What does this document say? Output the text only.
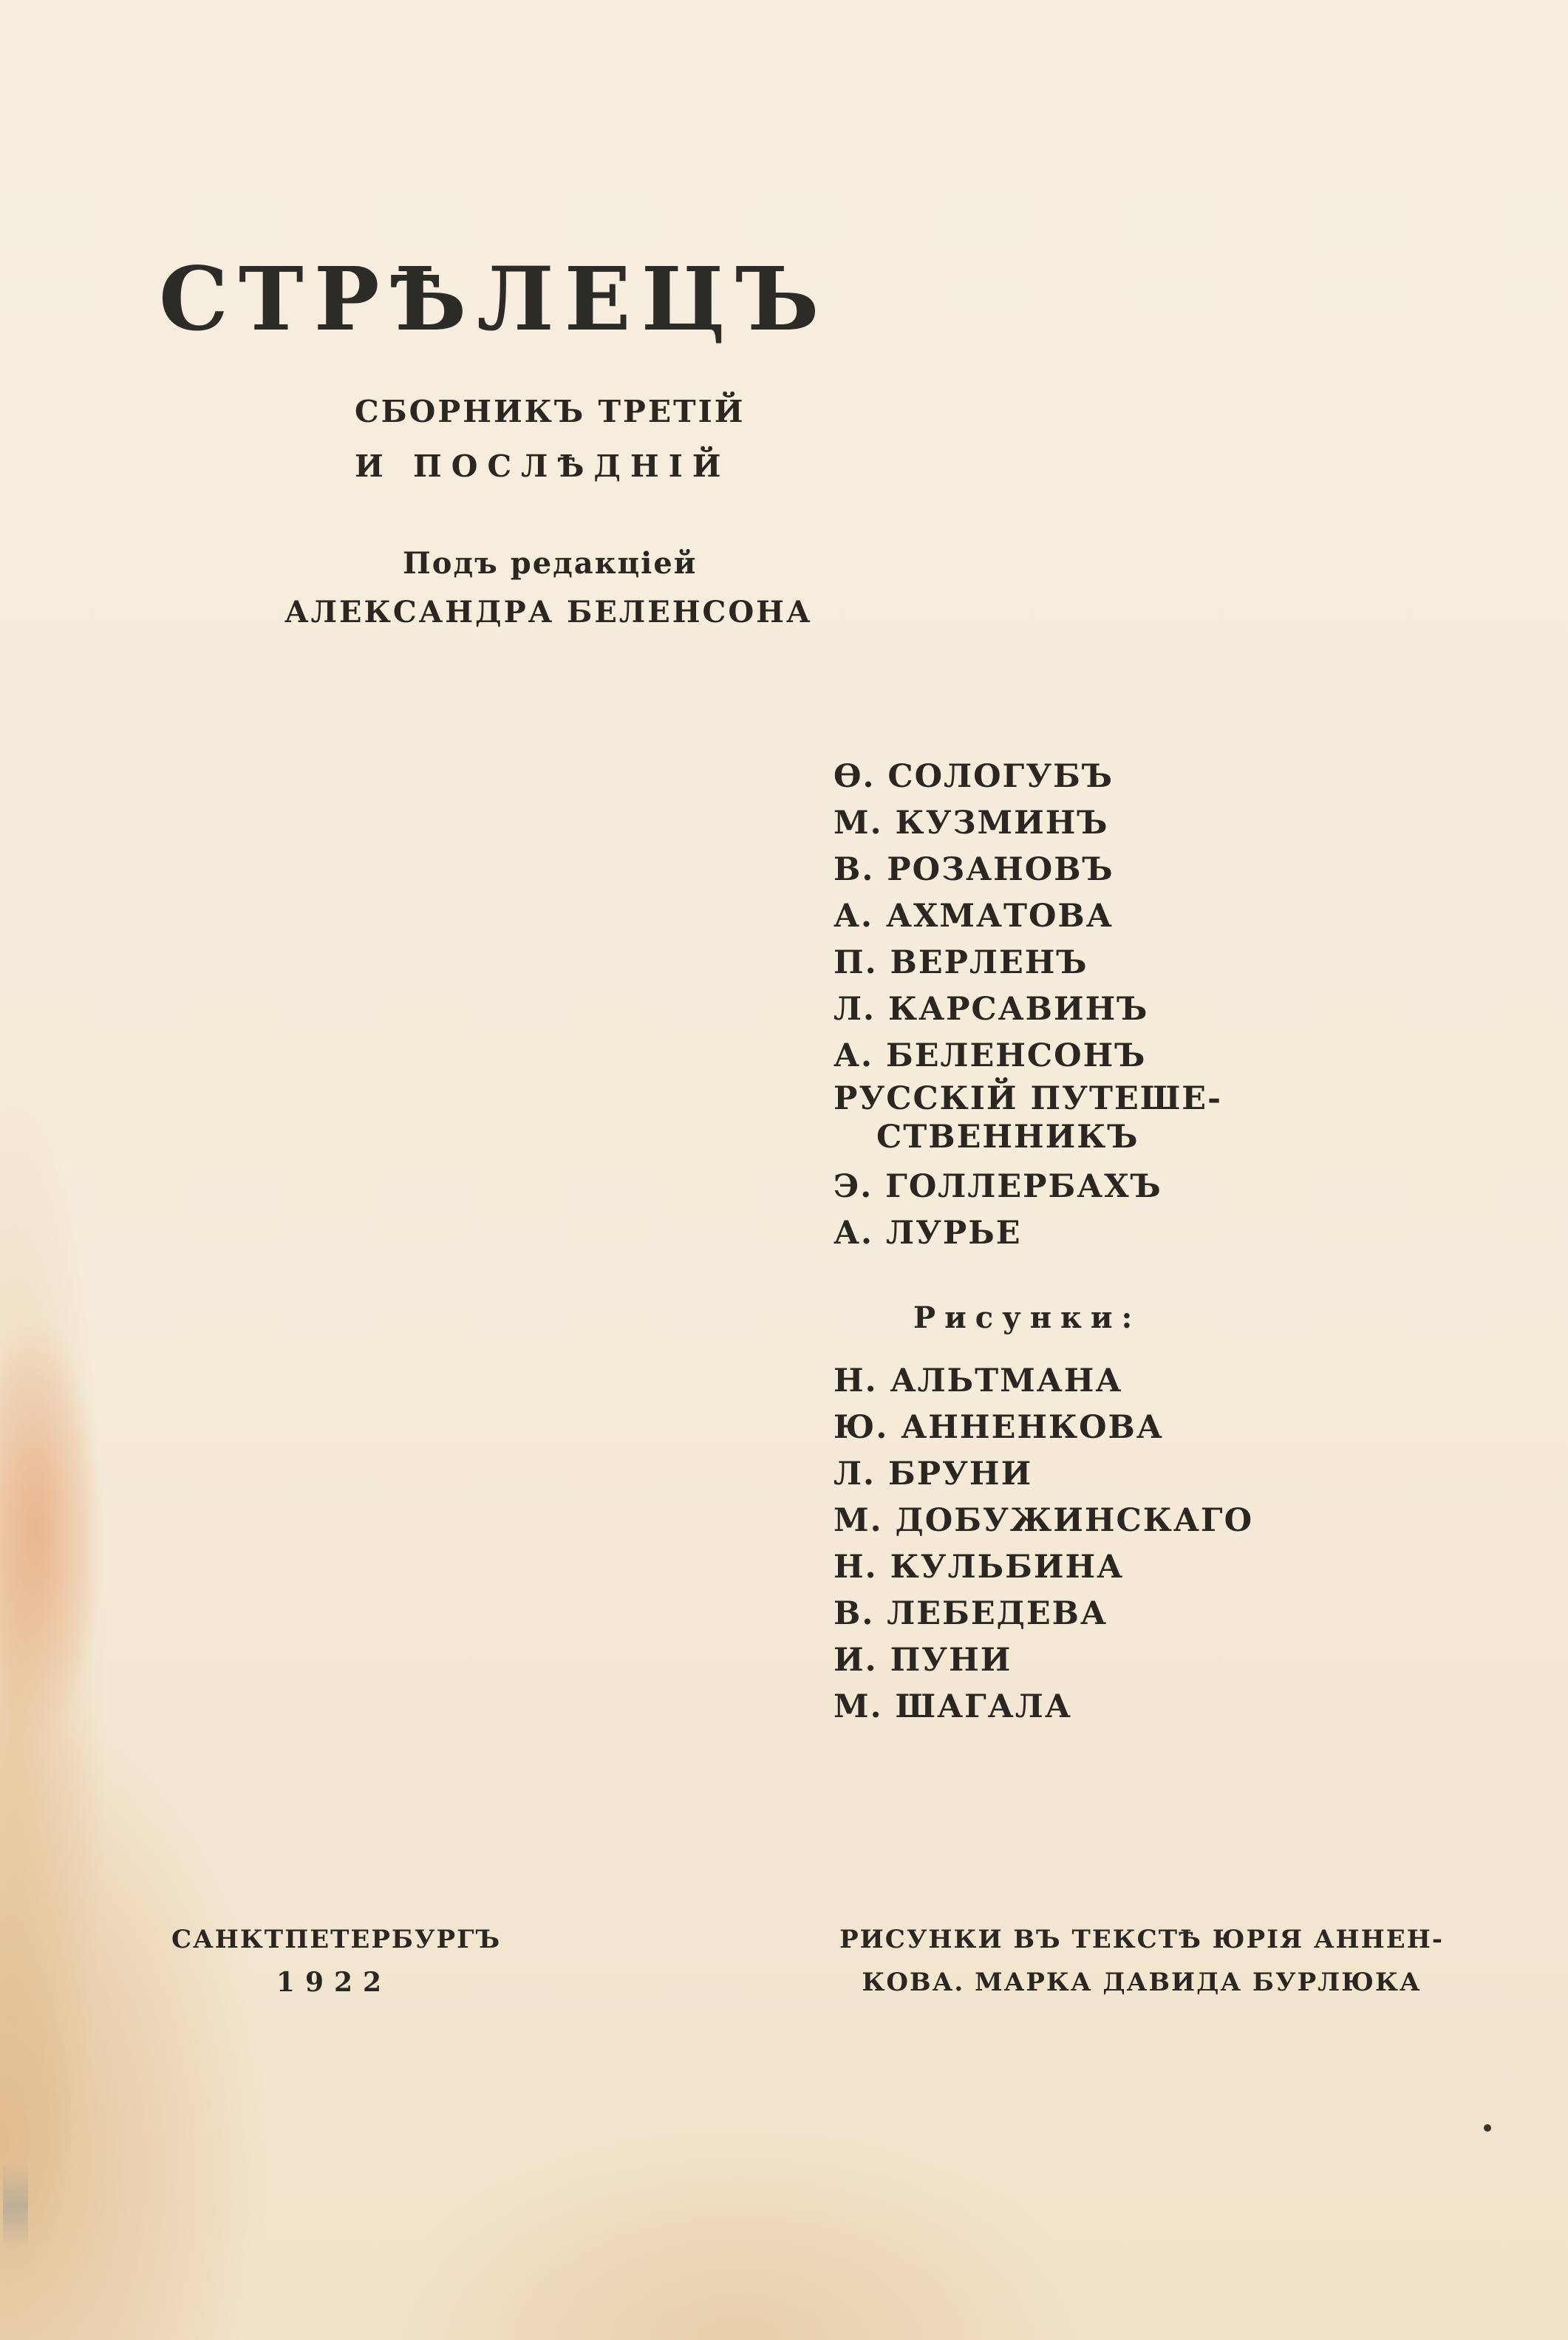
СТРѢЛЕЦЪ
СБОРНИКЪ ТРЕТІЙ
И ПОСЛѢДНІЙ
Подъ редакціей
АЛЕКСАНДРА БЕЛЕНСОНА
Ѳ. СОЛОГУБЪ
М. КУЗМИНЪ
В. РОЗАНОВЪ
А. АХМАТОВА
П. ВЕРЛЕНЪ
Л. КАРСАВИНЪ
А. БЕЛЕНСОНЪ
РУССКІЙ ПУТЕШЕ-
СТВЕННИКЪ
Э. ГОЛЛЕРБАХЪ
А. ЛУРЬЕ
Рисунки:
Н. АЛЬТМАНА
Ю. АННЕНКОВА
Л. БРУНИ
М. ДОБУЖИНСКАГО
Н. КУЛЬБИНА
В. ЛЕБЕДЕВА
И. ПУНИ
М. ШАГАЛА
САНКТПЕТЕРБУРГЪ
1922
РИСУНКИ ВЪ ТЕКСТѢ ЮРІЯ АННЕН-
КОВА. МАРКА ДАВИДА БУРЛЮКА
